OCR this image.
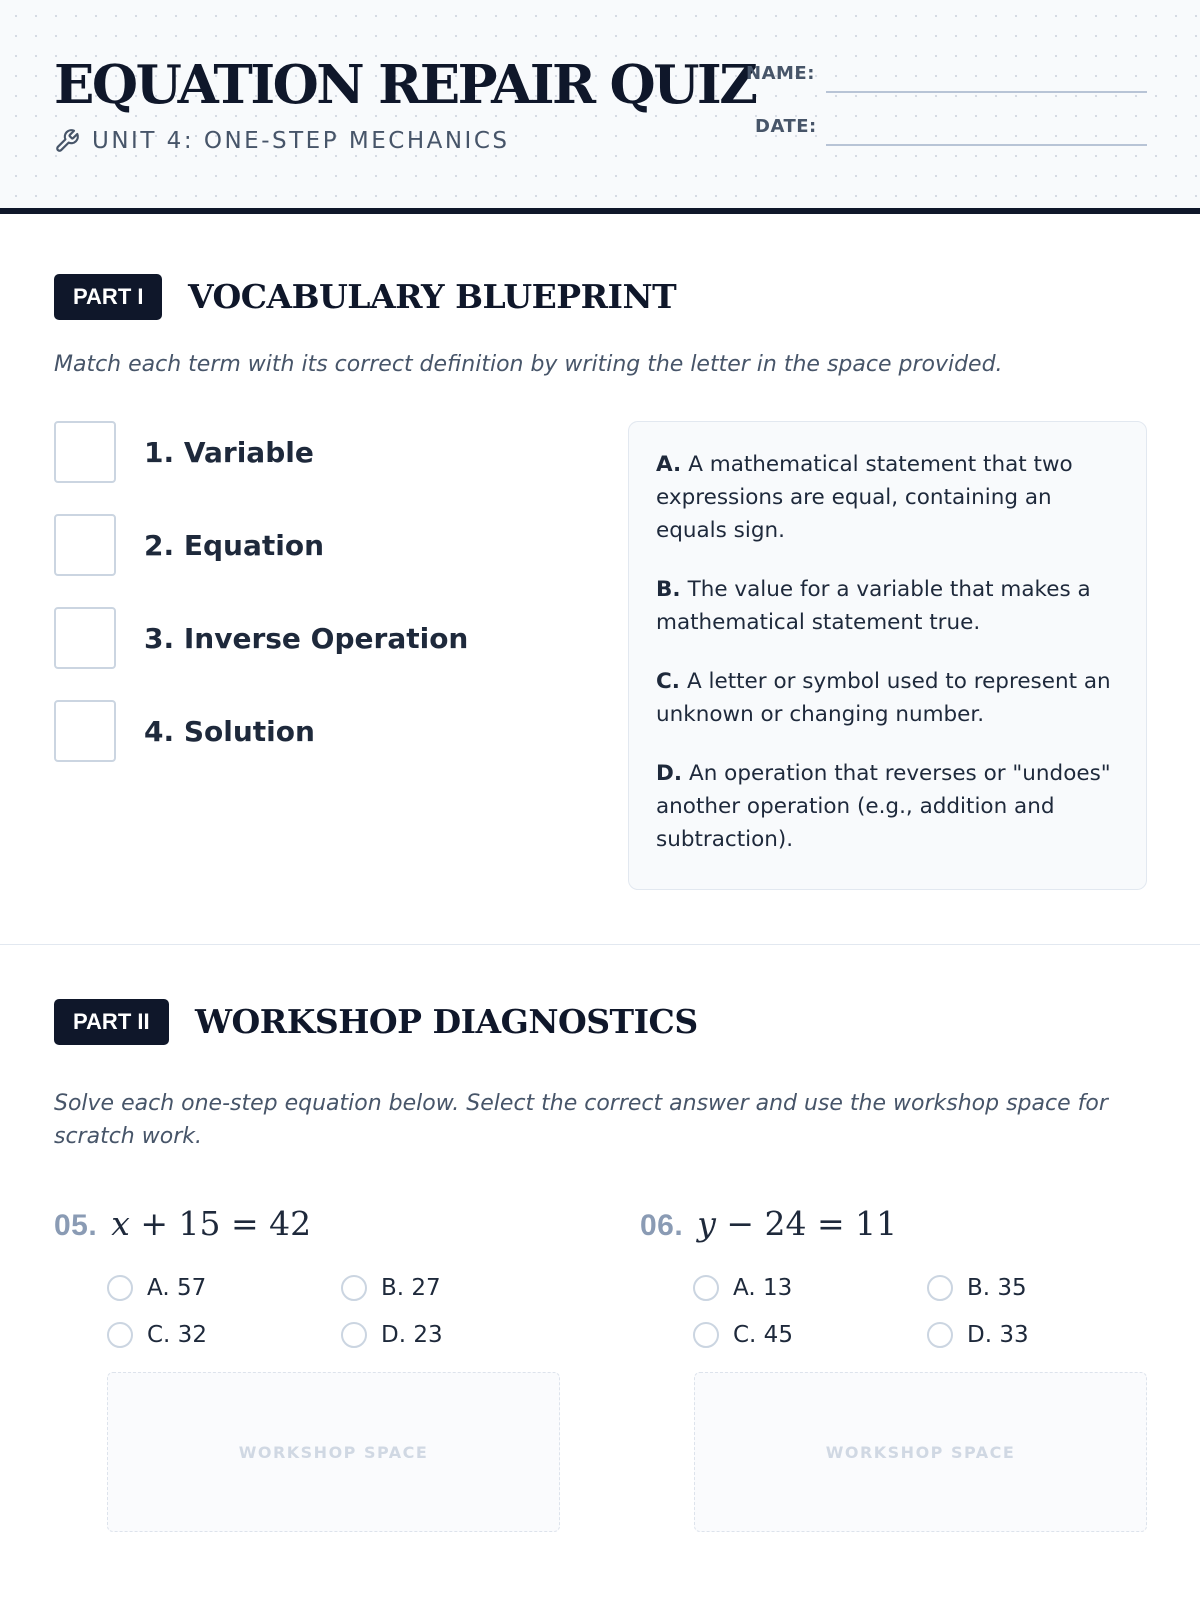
EQUATION REPAIR QUIZ
UNIT 4: ONE-STEP MECHANICS
NAME:
DATE:
PART I	VOCABULARY BLUEPRINT

Match each term with its correct definition by writing the letter in the space provided.

1. Variable
2. Equation
3. Inverse Operation
4. Solution

A. A mathematical statement that two expressions are equal, containing an equals sign.

B. The value for a variable that makes a mathematical statement true.

C. A letter or symbol used to represent an unknown or changing number.

D. An operation that reverses or "undoes" another operation (e.g., addition and subtraction).

PART II	WORKSHOP DIAGNOSTICS

Solve each one-step equation below. Select the correct answer and use the workshop space for scratch work.

05. x + 15 = 42
A. 57	B. 27
C. 32	D. 23
WORKSHOP SPACE
06. y − 24 = 11
A. 13	B. 35
C. 45	D. 33
WORKSHOP SPACE
